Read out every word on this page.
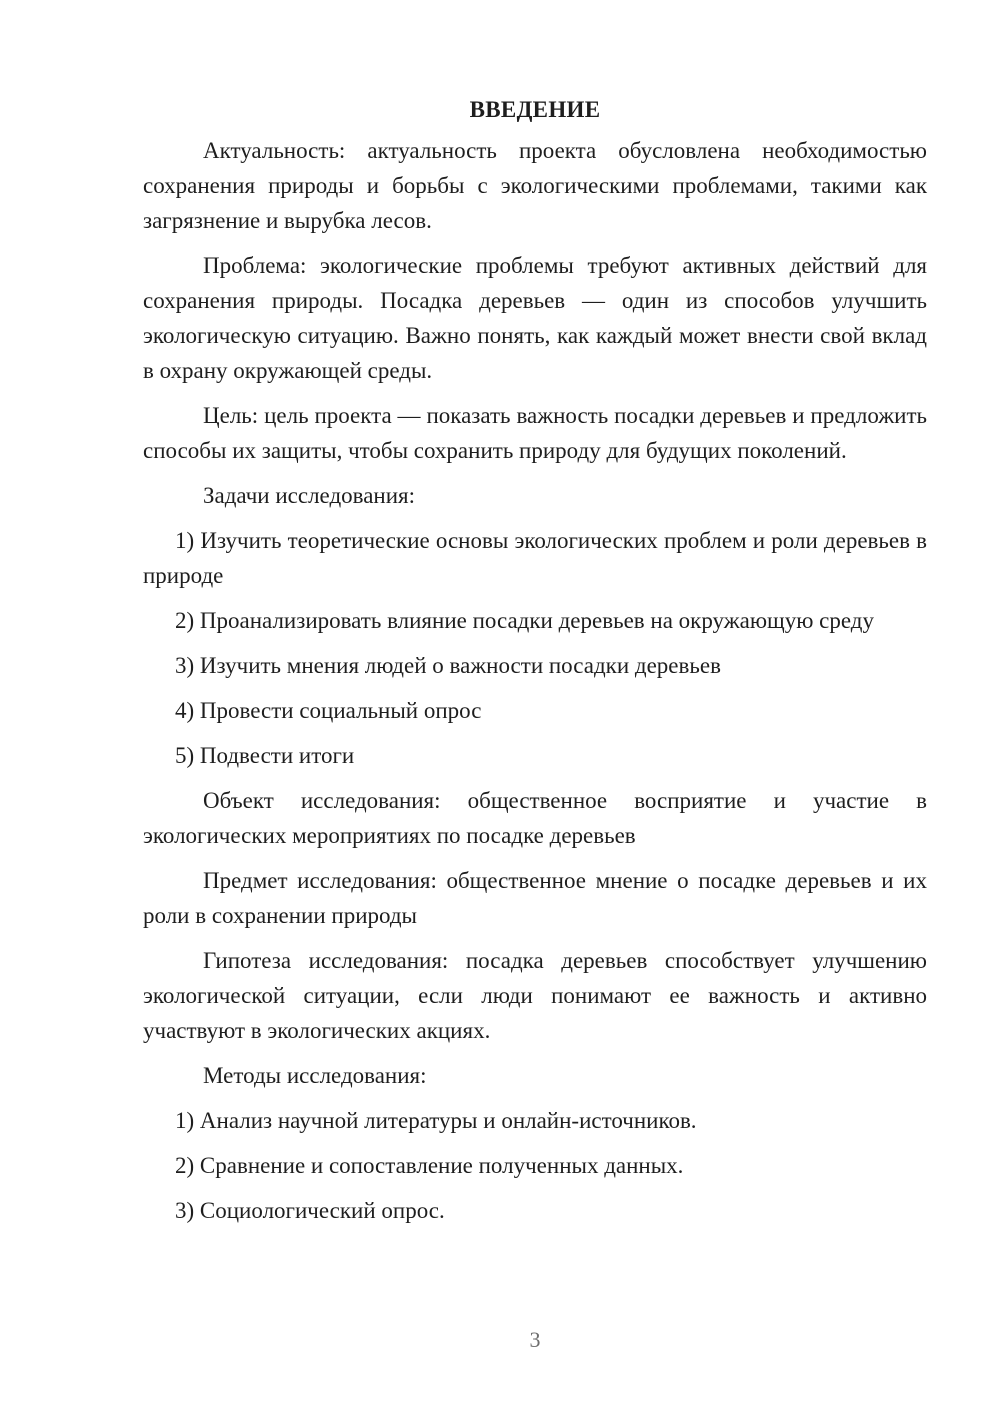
ВВЕДЕНИЕ

Актуальность: актуальность проекта обусловлена необходимостью сохранения природы и борьбы с экологическими проблемами, такими как загрязнение и вырубка лесов.

Проблема: экологические проблемы требуют активных действий для сохранения природы. Посадка деревьев — один из способов улучшить экологическую ситуацию. Важно понять, как каждый может внести свой вклад в охрану окружающей среды.

Цель: цель проекта — показать важность посадки деревьев и предложить способы их защиты, чтобы сохранить природу для будущих поколений.

Задачи исследования:

1) Изучить теоретические основы экологических проблем и роли деревьев в природе

2) Проанализировать влияние посадки деревьев на окружающую среду

3) Изучить мнения людей о важности посадки деревьев

4) Провести социальный опрос

5) Подвести итоги

Объект исследования: общественное восприятие и участие в экологических мероприятиях по посадке деревьев

Предмет исследования: общественное мнение о посадке деревьев и их роли в сохранении природы

Гипотеза исследования: посадка деревьев способствует улучшению экологической ситуации, если люди понимают ее важность и активно участвуют в экологических акциях.

Методы исследования:

1) Анализ научной литературы и онлайн-источников.

2) Сравнение и сопоставление полученных данных.

3) Социологический опрос.

3
